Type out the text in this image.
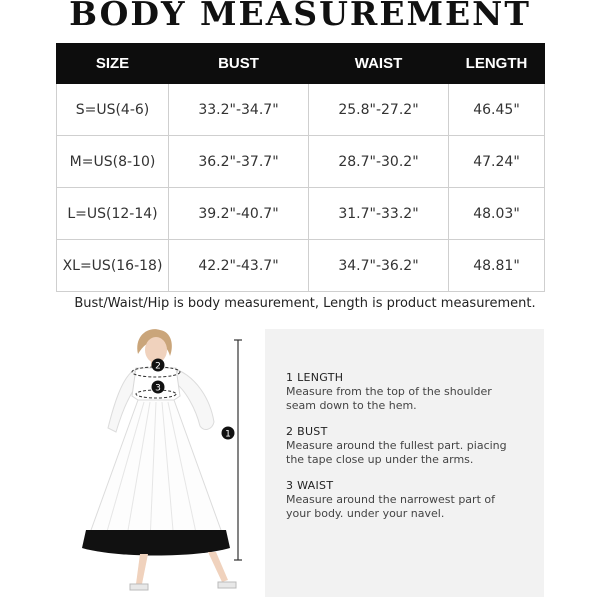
BODY MEASUREMENT
SIZE	BUST	WAIST	LENGTH
S=US(4-6)	33.2"-34.7"	25.8"-27.2"	46.45"
M=US(8-10)	36.2"-37.7"	28.7"-30.2"	47.24"
L=US(12-14)	39.2"-40.7"	31.7"-33.2"	48.03"
XL=US(16-18)	42.2"-43.7"	34.7"-36.2"	48.81"
Bust/Waist/Hip is body measurement, Length is product measurement.
1
2
3
1 LENGTH
Measure from the top of the shoulder
seam down to the hem.
2 BUST
Measure around the fullest part. piacing
the tape close up under the arms.
3 WAIST
Measure around the narrowest part of
your body. under your navel.
